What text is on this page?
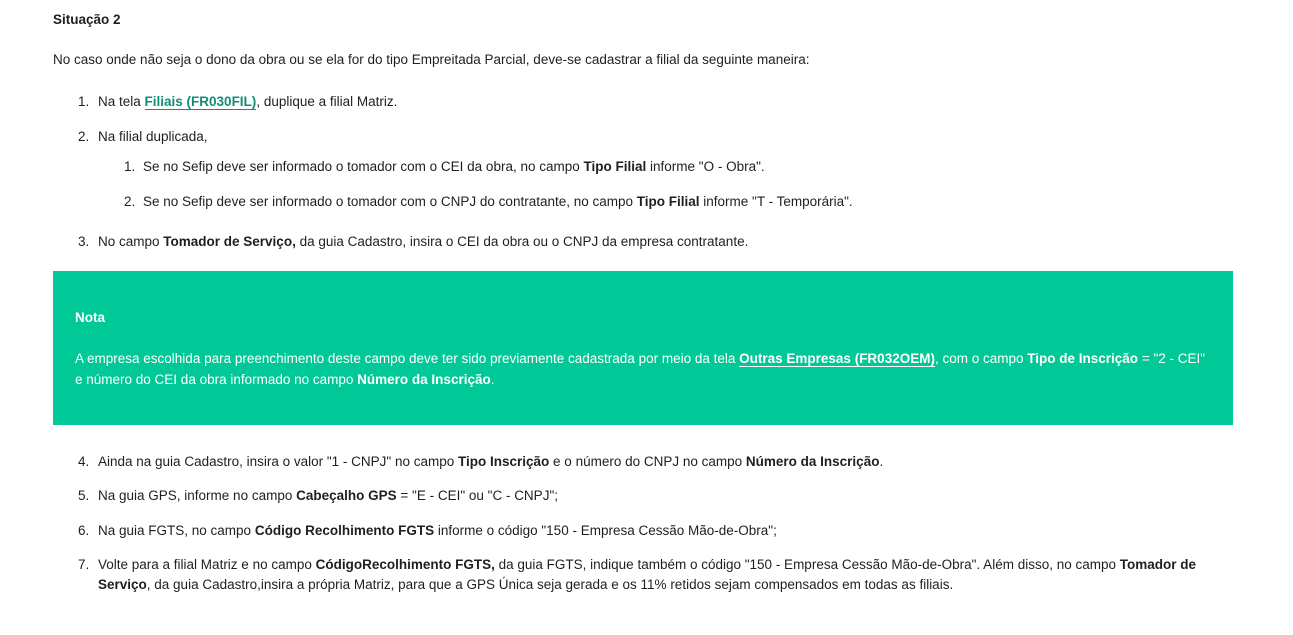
Situação 2
No caso onde não seja o dono da obra ou se ela for do tipo Empreitada Parcial, deve-se cadastrar a filial da seguinte maneira:
1. Na tela Filiais (FR030FIL), duplique a filial Matriz.
2. Na filial duplicada,
1. Se no Sefip deve ser informado o tomador com o CEI da obra, no campo Tipo Filial informe "O - Obra".
2. Se no Sefip deve ser informado o tomador com o CNPJ do contratante, no campo Tipo Filial informe "T - Temporária".
3. No campo Tomador de Serviço, da guia Cadastro, insira o CEI da obra ou o CNPJ da empresa contratante.
Nota
A empresa escolhida para preenchimento deste campo deve ter sido previamente cadastrada por meio da tela Outras Empresas (FR032OEM), com o campo Tipo de Inscrição = "2 - CEI" e número do CEI da obra informado no campo Número da Inscrição.
4. Ainda na guia Cadastro, insira o valor "1 - CNPJ" no campo Tipo Inscrição e o número do CNPJ no campo Número da Inscrição.
5. Na guia GPS, informe no campo Cabeçalho GPS = "E - CEI" ou "C - CNPJ";
6. Na guia FGTS, no campo Código Recolhimento FGTS informe o código "150 - Empresa Cessão Mão-de-Obra";
7. Volte para a filial Matriz e no campo CódigoRecolhimento FGTS, da guia FGTS, indique também o código "150 - Empresa Cessão Mão-de-Obra". Além disso, no campo Tomador de Serviço, da guia Cadastro,insira a própria Matriz, para que a GPS Única seja gerada e os 11% retidos sejam compensados em todas as filiais.
